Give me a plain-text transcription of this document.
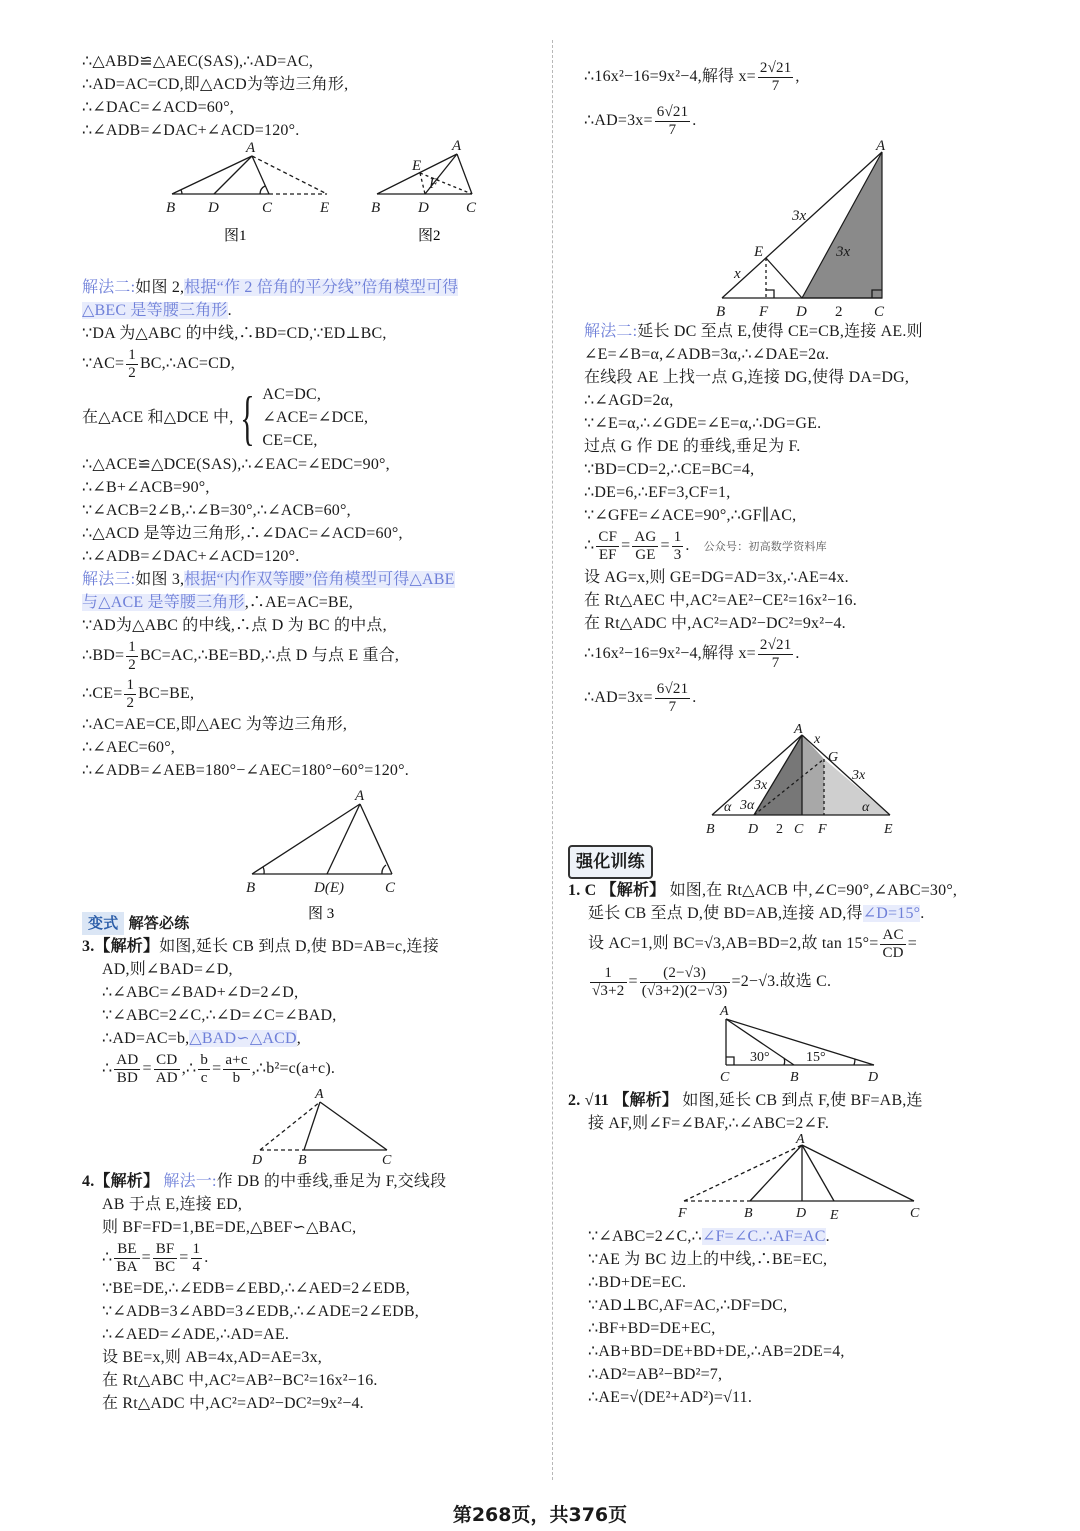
∴△ABD≌△AEC(SAS),∴AD=AC,
∴AD=AC=CD,即△ACD为等边三角形,
∴∠DAC=∠ACD=60°,
∴∠ADB=∠DAC+∠ACD=120°.
A
B D	C	E
A
E
F
B	D C
图1	图2
解法二:如图 2,根据“作 2 倍角的平分线”倍角模型可得
△BEC 是等腰三角形.
∵DA 为△ABC 的中线,∴BD=CD,∵ED⊥BC,
∵AC= $\frac{1}{2}$ BC,∴AC=CD,
在△ACE 和△DCE 中, { AC=DC,
∠ACE=∠DCE,
CE=CE,
∴△ACE≌△DCE(SAS),∴∠EAC=∠EDC=90°,
∴∠B+∠ACB=90°,
∵∠ACB=2∠B,∴∠B=30°,∴∠ACB=60°,
∴△ACD 是等边三角形,∴∠DAC=∠ACD=60°,
∴∠ADB=∠DAC+∠ACD=120°.
解法三:如图 3,根据“内作双等腰”倍角模型可得△ABE
与△ACE 是等腰三角形,∴AE=AC=BE,
∵AD为△ABC 的中线,∴点 D 为 BC 的中点,
∴BD= $\frac{1}{2}$ BC=AC,∴BE=BD,∴点 D 与点 E 重合,
∴CE= $\frac{1}{2} BC=BE$,
∴AC=AE=CE,即△AEC 为等边三角形,
∴∠AEC=60°,
∴∠ADB=∠AEB=180°−∠AEC=180°−60°=120°.
A
B	D(E)	C
图 3
变式 解答必练
3.【解析】如图,延长 CB 到点 D,使 BD=AB=c,连接
AD,则∠BAD=∠D,
∴∠ABC=∠BAD+∠D=2∠D,
∵∠ABC=2∠C,∴∠D=∠C=∠BAD,
∴AD=AC=b,△BAD∽△ACD,
∴ $\frac{AD}{BD} = \frac{CD}{AD}$ ,∴ $\frac{b}{c} = \frac{a+c}{b}$ ,∴b²=c(a+c).
A
D	B	C
4.【解析】 解法一:作 DB 的中垂线,垂足为 F,交线段
AB 于点 E,连接 ED,
则 BF=FD=1,BE=DE,△BEF∽△BAC,
∴ $\frac{BE}{BA} = \frac{BF}{BC} = \frac{1}{4}$ .
∵BE=DE,∴∠EDB=∠EBD,∴∠AED=2∠EDB,
∵∠ADB=3∠ABD=3∠EDB,∴∠ADE=2∠EDB,
∴∠AED=∠ADE,∴AD=AE.
设 BE=x,则 AB=4x,AD=AE=3x,
在 Rt△ABC 中,AC²=AB²−BC²=16x²−16.
在 Rt△ADC 中,AC²=AD²−DC²=9x²−4.
∴16x²−16=9x²−4,解得 $x= \frac{2√21}{7}$ ,
∴AD=3x= $\frac{6√21}{7}$ .
A
E
B F D 2 C
3x
3x
x
解法二:延长 DC 至点 E,使得 CE=CB,连接 AE.则
∠E=∠B=α,∠ADB=3α,∴∠DAE=2α.
在线段 AE 上找一点 G,连接 DG,使得 DA=DG,
∴∠AGD=2α,
∵∠E=α,∴∠GDE=∠E=α,∴DG=GE.
过点 G 作 DE 的垂线,垂足为 F.
∵BD=CD=2,∴CE=BC=4,
∴DE=6,∴EF=3,CF=1,
∵∠GFE=∠ACE=90°,∴GF∥AC,
∴ $\frac{CF}{EF} = \frac{AG}{GE} = \frac{1}{3}$ . 公众号：初高数学资料库
设 AG=x,则 GE=DG=AD=3x,∴AE=4x.
在 Rt△AEC 中,AC²=AE²−CE²=16x²−16.
在 Rt△ADC 中,AC²=AD²−DC²=9x²−4.
∴16x²−16=9x²−4,解得 $x= \frac{2√21}{7}$ .
∴AD=3x= $\frac{6√21}{7}$ .
A
x
G
3x
3x
3α
α	α
B D 2 C F	E
强化训练
1. C 【解析】 如图,在 Rt△ACB 中,∠C=90°,∠ABC=30°,
延长 CB 至点 D,使 BD=AB,连接 AD,得∠D=15°.
设 AC=1,则 BC=√3,AB=BD=2,故 $\tan 15^\circ= \frac{AC}{CD}$ =
$\frac{1}{√3+2} = \frac{(2-√3)}{(√3+2)(2-√3)} =2-√3$.故选 C.
A
C	B	D
30°	15°
2. √11 【解析】 如图,延长 CB 到点 F,使 BF=AB,连
接 AF,则∠F=∠BAF,∴∠ABC=2∠F.
A
F	B	D E	C
∵∠ABC=2∠C,∴∠F=∠C.∴AF=AC.
∵AE 为 BC 边上的中线,∴BE=EC,
∴BD+DE=EC.
∵AD⊥BC,AF=AC,∴DF=DC,
∴BF+BD=DE+EC,
∴AB+BD=DE+BD+DE,∴AB=2DE=4,
∴AD²=AB²−BD²=7,
∴AE=√(DE²+AD²)=√11.
第268页，共376页
